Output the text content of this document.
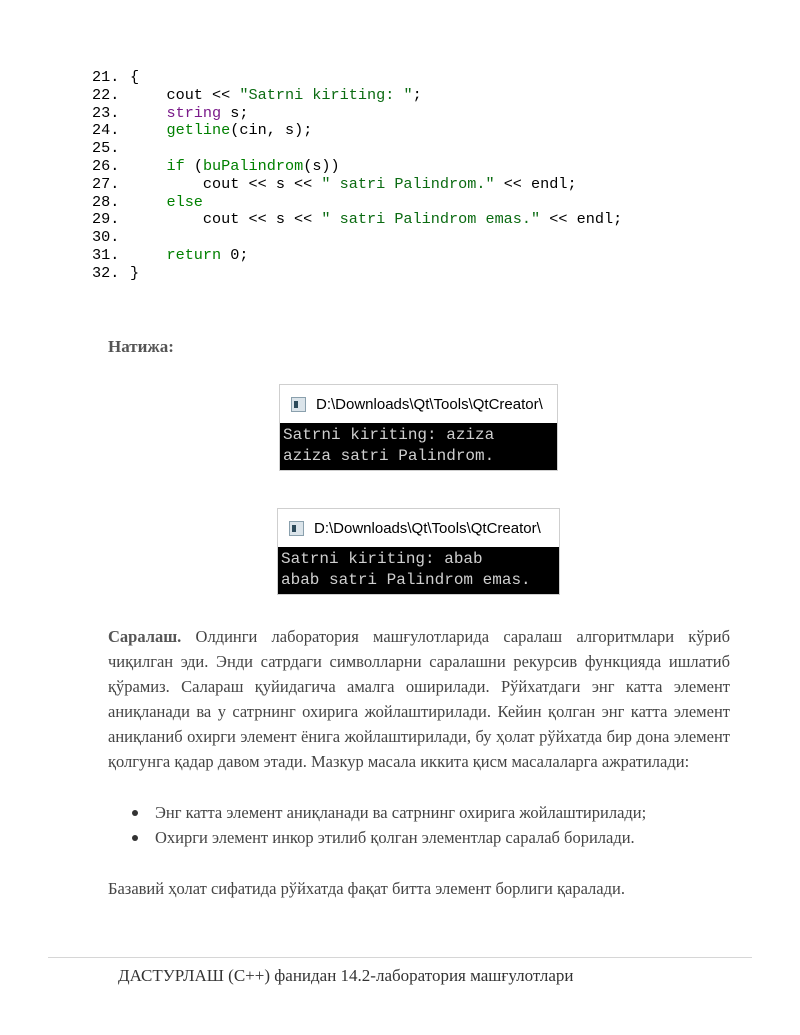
21. {
22.	cout << "Satrni kiriting: ";
23.	string s;
24.	getline(cin, s);
25.
26.	if (buPalindrom(s))
27.	cout << s << " satri Palindrom." << endl;
28.	else
29.	cout << s << " satri Palindrom emas." << endl;
30.
31.	return 0;
32. }
Натижа:
D:\Downloads\Qt\Tools\QtCreator\
Satrni kiriting: aziza
aziza satri Palindrom.
D:\Downloads\Qt\Tools\QtCreator\
Satrni kiriting: abab
abab satri Palindrom emas.
Саралаш. Олдинги лаборатория машғулотларида саралаш алгоритмлари кўриб чиқилган эди. Энди сатрдаги символларни саралашни рекурсив функцияда ишлатиб қўрамиз. Салараш қуйидагича амалга оширилади. Рўйхатдаги энг катта элемент аниқланади ва у сатрнинг охирига жойлаштирилади. Кейин қолган энг катта элемент аниқланиб охирги элемент ёнига жойлаштирилади, бу ҳолат рўйхатда бир дона элемент қолгунга қадар давом этади. Мазкур масала иккита қисм масалаларга ажратилади:
Энг катта элемент аниқланади ва сатрнинг охирига жойлаштирилади;
Охирги элемент инкор этилиб қолган элементлар саралаб борилади.
Базавий ҳолат сифатида рўйхатда фақат битта элемент борлиги қаралади.
ДАСТУРЛАШ (C++) фанидан 14.2-лаборатория машғулотлари
